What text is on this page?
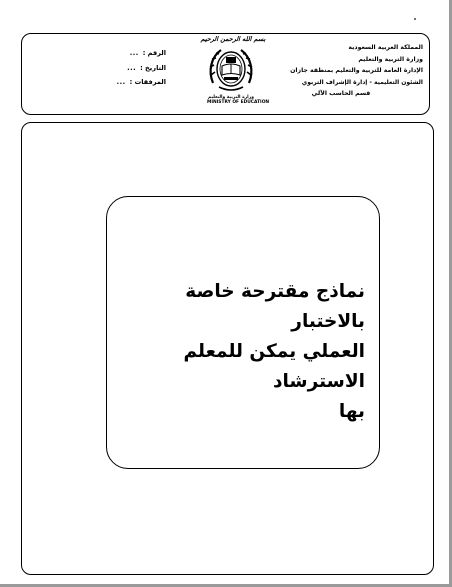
بسم الله الرحمن الرحيم
المملكة العربية السعودية
وزارة التربية والتعليم
الإدارة العامة للتربية والتعليم بمنطقة جازان
الشئون التعليمية - إدارة الإشراف التربوي
قسم الحاسب الآلي
الرقم :
...
التاريخ :
...
المرفقات :
...
وزارة التربية والتعليم
MINISTRY OF EDUCATION
نماذج مقترحة خاصة بالاختبار
العملي يمكن للمعلم الاسترشاد
بها
